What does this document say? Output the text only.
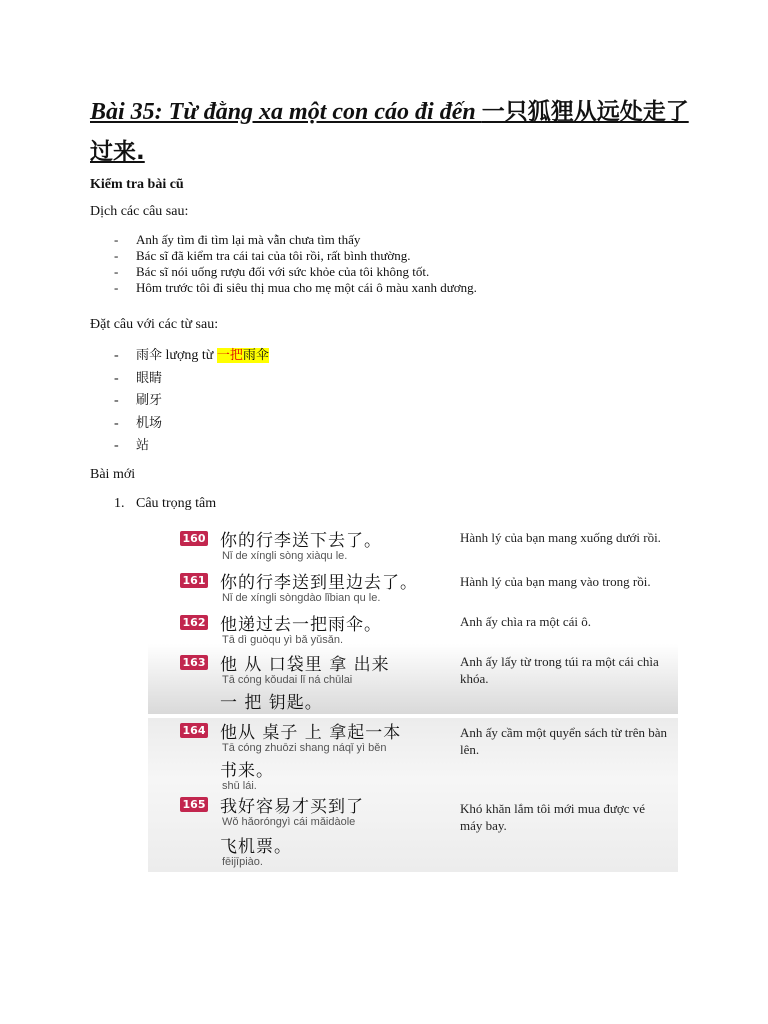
Bài 35: Từ đằng xa một con cáo đi đến 一只狐狸从远处走了过来.
Kiểm tra bài cũ
Dịch các câu sau:
- Anh ấy tìm đi tìm lại mà vẫn chưa tìm thấy
- Bác sĩ đã kiểm tra cái tai của tôi rồi, rất bình thường.
- Bác sĩ nói uống rượu đối với sức khỏe của tôi không tốt.
- Hôm trước tôi đi siêu thị mua cho mẹ một cái ô màu xanh dương.
Đặt câu với các từ sau:
- 雨伞 lượng từ 一把雨伞
- 眼睛
- 刷牙
- 机场
- 站
Bài mới
1. Câu trọng tâm
160 你的行李送下去了。
Nǐ de xíngli sòng xiàqu le.
Hành lý của bạn mang xuống dưới rồi.
161 你的行李送到里边去了。
Nǐ de xíngli sòngdào lǐbian qu le.
Hành lý của bạn mang vào trong rồi.
162 他递过去一把雨伞。
Tā dì guòqu yì bǎ yǔsǎn.
Anh ấy chìa ra một cái ô.
163 他 从 口袋里 拿 出来
Tā cóng kǒudai lǐ ná chūlai
一 把 钥匙。
Anh ấy lấy từ trong túi ra một cái chìa khóa.
164 他从 桌子 上 拿起一本
Tā cóng zhuōzi shang náqǐ yì běn
书来。
shū lái.
Anh ấy cầm một quyển sách từ trên bàn lên.
165 我好容易才买到了
Wǒ hǎoróngyì cái mǎidàole
飞机票。
fēijīpiào.
Khó khăn lắm tôi mới mua được vé máy bay.
